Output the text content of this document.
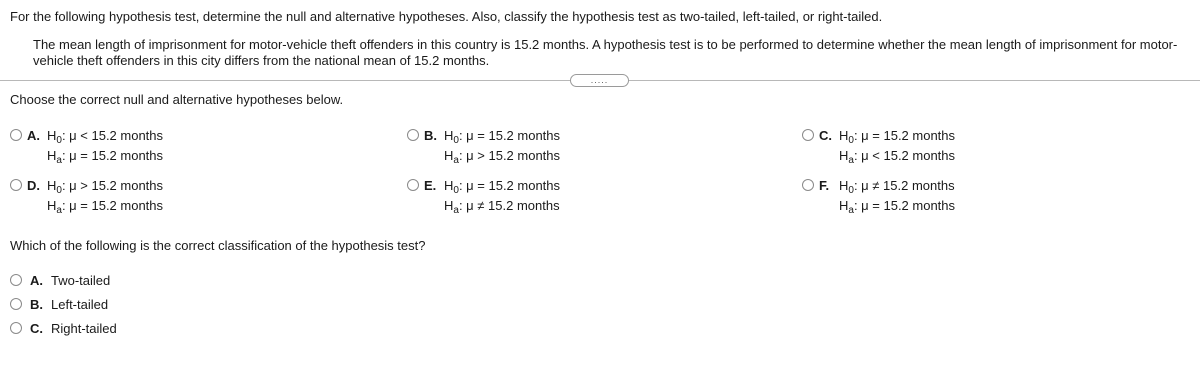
For the following hypothesis test, determine the null and alternative hypotheses. Also, classify the hypothesis test as two-tailed, left-tailed, or right-tailed.
The mean length of imprisonment for motor-vehicle theft offenders in this country is 15.2 months. A hypothesis test is to be performed to determine whether the mean length of imprisonment for motor-vehicle theft offenders in this city differs from the national mean of 15.2 months.
.....
Choose the correct null and alternative hypotheses below.
A. $H_0$: μ < 15.2 months
$H_a$: μ = 15.2 months
B. $H_0$: μ = 15.2 months
$H_a$: μ > 15.2 months
C. $H_0$: μ = 15.2 months
$H_a$: μ < 15.2 months
D. $H_0$: μ > 15.2 months
$H_a$: μ = 15.2 months
E. $H_0$: μ = 15.2 months
$H_a$: μ ≠ 15.2 months
F. $H_0$: μ ≠ 15.2 months
$H_a$: μ = 15.2 months
Which of the following is the correct classification of the hypothesis test?
A. Two-tailed
B. Left-tailed
C. Right-tailed
